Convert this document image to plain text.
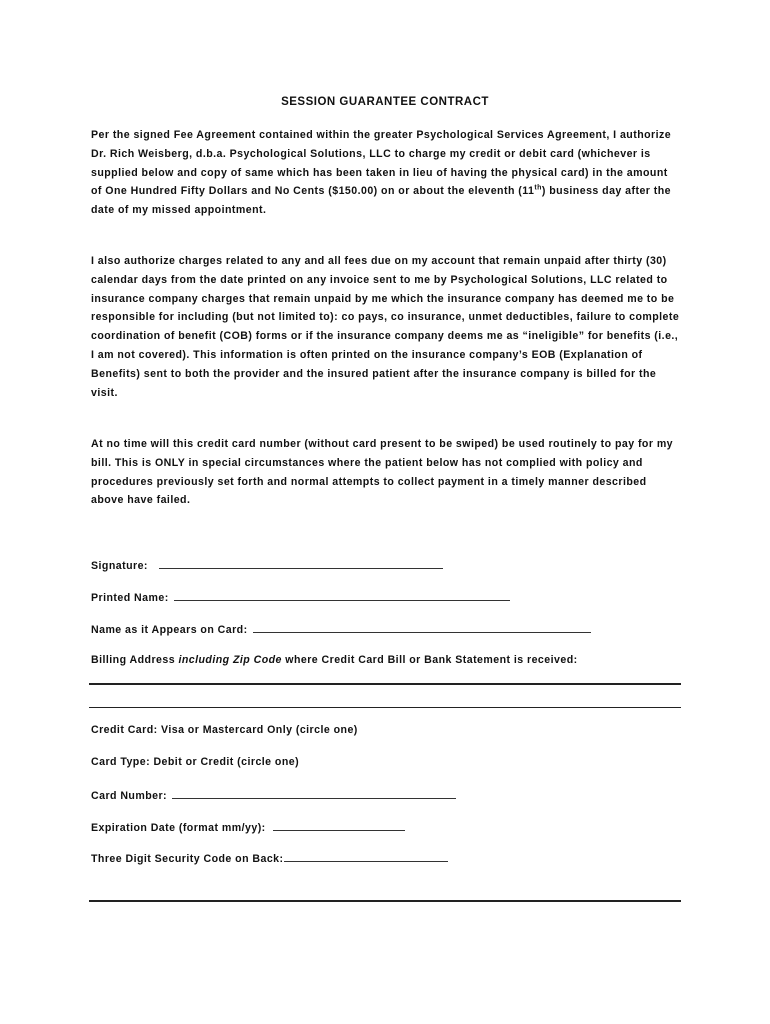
SESSION GUARANTEE CONTRACT
Per the signed Fee Agreement contained within the greater Psychological Services Agreement, I authorize Dr. Rich Weisberg, d.b.a. Psychological Solutions, LLC to charge my credit or debit card (whichever is supplied below and copy of same which has been taken in lieu of having the physical card) in the amount of One Hundred Fifty Dollars and No Cents ($150.00) on or about the eleventh (11th) business day after the date of my missed appointment.
I also authorize charges related to any and all fees due on my account that remain unpaid after thirty (30) calendar days from the date printed on any invoice sent to me by Psychological Solutions, LLC related to insurance company charges that remain unpaid by me which the insurance company has deemed me to be responsible for including (but not limited to): co pays, co insurance, unmet deductibles, failure to complete coordination of benefit (COB) forms or if the insurance company deems me as “ineligible” for benefits (i.e., I am not covered). This information is often printed on the insurance company’s EOB (Explanation of Benefits) sent to both the provider and the insured patient after the insurance company is billed for the visit.
At no time will this credit card number (without card present to be swiped) be used routinely to pay for my bill. This is ONLY in special circumstances where the patient below has not complied with policy and procedures previously set forth and normal attempts to collect payment in a timely manner described above have failed.
Signature:
Printed Name:
Name as it Appears on Card:
Billing Address including Zip Code where Credit Card Bill or Bank Statement is received:
Credit Card: Visa or Mastercard Only (circle one)
Card Type: Debit or Credit (circle one)
Card Number:
Expiration Date (format mm/yy):
Three Digit Security Code on Back:
